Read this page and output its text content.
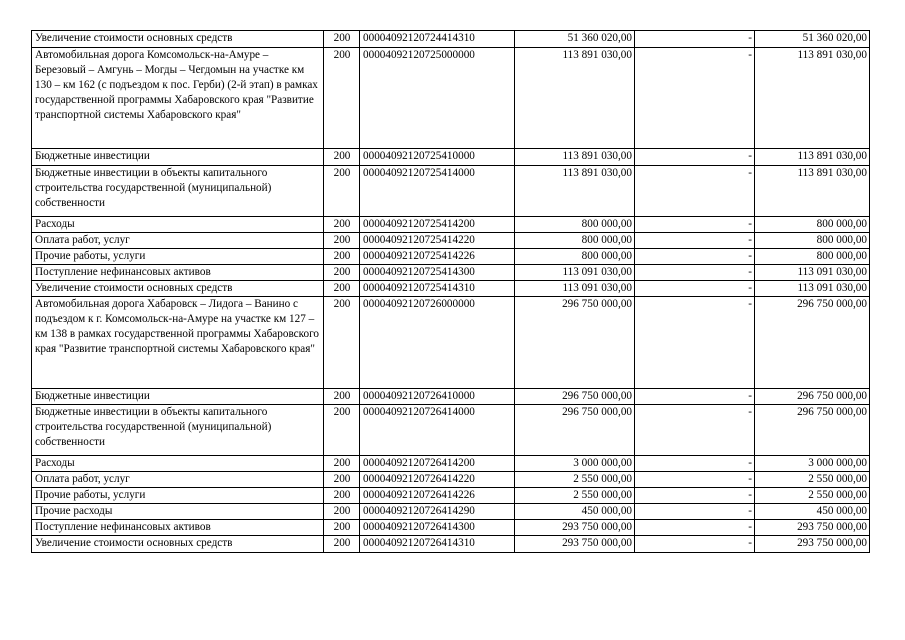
Увеличение стоимости основных средств	200	00004092120724414310	51 360 020,00	-	51 360 020,00
Автомобильная дорога Комсомольск-на-Амуре – Березовый – Амгунь – Могды – Чегдомын на участке км 130 – км 162 (с подъездом к пос. Герби) (2-й этап) в рамках государственной программы Хабаровского края "Развитие транспортной системы Хабаровского края"	200	00004092120725000000	113 891 030,00	-	113 891 030,00
Бюджетные инвестиции	200	00004092120725410000	113 891 030,00	-	113 891 030,00
Бюджетные инвестиции в объекты капитального строительства государственной (муниципальной) собственности	200	00004092120725414000	113 891 030,00	-	113 891 030,00
Расходы	200	00004092120725414200	800 000,00	-	800 000,00
Оплата работ, услуг	200	00004092120725414220	800 000,00	-	800 000,00
Прочие работы, услуги	200	00004092120725414226	800 000,00	-	800 000,00
Поступление нефинансовых активов	200	00004092120725414300	113 091 030,00	-	113 091 030,00
Увеличение стоимости основных средств	200	00004092120725414310	113 091 030,00	-	113 091 030,00
Автомобильная дорога Хабаровск – Лидога – Ванино с подъездом к г. Комсомольск-на-Амуре на участке км 127 – км 138 в рамках государственной программы Хабаровского края "Развитие транспортной системы Хабаровского края"	200	00004092120726000000	296 750 000,00	-	296 750 000,00
Бюджетные инвестиции	200	00004092120726410000	296 750 000,00	-	296 750 000,00
Бюджетные инвестиции в объекты капитального строительства государственной (муниципальной) собственности	200	00004092120726414000	296 750 000,00	-	296 750 000,00
Расходы	200	00004092120726414200	3 000 000,00	-	3 000 000,00
Оплата работ, услуг	200	00004092120726414220	2 550 000,00	-	2 550 000,00
Прочие работы, услуги	200	00004092120726414226	2 550 000,00	-	2 550 000,00
Прочие расходы	200	00004092120726414290	450 000,00	-	450 000,00
Поступление нефинансовых активов	200	00004092120726414300	293 750 000,00	-	293 750 000,00
Увеличение стоимости основных средств	200	00004092120726414310	293 750 000,00	-	293 750 000,00
